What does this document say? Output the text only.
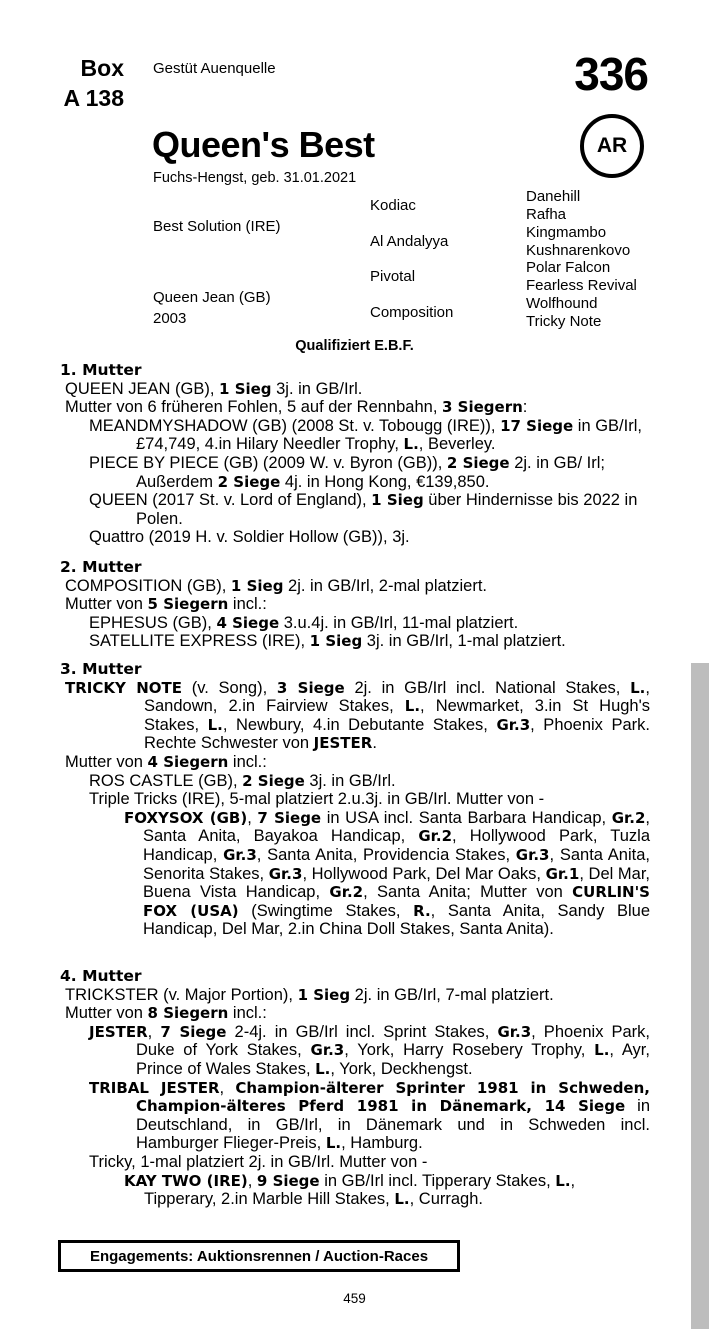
Box
A 138
Gestüt Auenquelle	336
Queen's Best
Fuchs-Hengst, geb. 31.01.2021
AR
Best Solution (IRE)
Queen Jean (GB)
2003
Kodiac
Al Andalyya
Pivotal
Composition
Danehill
Rafha
Kingmambo
Kushnarenkovo
Polar Falcon
Fearless Revival
Wolfhound
Tricky Note
Qualifiziert E.B.F.
1. Mutter

QUEEN JEAN (GB), 1 Sieg 3j. in GB/Irl.

Mutter von 6 früheren Fohlen, 5 auf der Rennbahn, 3 Siegern:

MEANDMYSHADOW (GB) (2008 St. v. Tobougg (IRE)), 17 Siege in GB/Irl, £74,749, 4.in Hilary Needler Trophy, L., Beverley.

PIECE BY PIECE (GB) (2009 W. v. Byron (GB)), 2 Siege 2j. in GB/ Irl; Außerdem 2 Siege 4j. in Hong Kong, €139,850.

QUEEN (2017 St. v. Lord of England), 1 Sieg über Hindernisse bis 2022 in Polen.

Quattro (2019 H. v. Soldier Hollow (GB)), 3j.

2. Mutter

COMPOSITION (GB), 1 Sieg 2j. in GB/Irl, 2-mal platziert.

Mutter von 5 Siegern incl.:

EPHESUS (GB), 4 Siege 3.u.4j. in GB/Irl, 11-mal platziert.

SATELLITE EXPRESS (IRE), 1 Sieg 3j. in GB/Irl, 1-mal platziert.

3. Mutter

TRICKY NOTE (v. Song), 3 Siege 2j. in GB/Irl incl. National Stakes, L., Sandown, 2.in Fairview Stakes, L., Newmarket, 3.in St Hugh's Stakes, L., Newbury, 4.in Debutante Stakes, Gr.3, Phoenix Park. Rechte Schwester von JESTER.

Mutter von 4 Siegern incl.:

ROS CASTLE (GB), 2 Siege 3j. in GB/Irl.

Triple Tricks (IRE), 5-mal platziert 2.u.3j. in GB/Irl. Mutter von -

FOXYSOX (GB), 7 Siege in USA incl. Santa Barbara Handicap, Gr.2, Santa Anita, Bayakoa Handicap, Gr.2, Hollywood Park, Tuzla Handicap, Gr.3, Santa Anita, Providencia Stakes, Gr.3, Santa Anita, Senorita Stakes, Gr.3, Hollywood Park, Del Mar Oaks, Gr.1, Del Mar, Buena Vista Handicap, Gr.2, Santa Anita; Mutter von CURLIN'S FOX (USA) (Swingtime Stakes, R., Santa Anita, Sandy Blue Handicap, Del Mar, 2.in China Doll Stakes, Santa Anita).

4. Mutter

TRICKSTER (v. Major Portion), 1 Sieg 2j. in GB/Irl, 7-mal platziert.

Mutter von 8 Siegern incl.:

JESTER, 7 Siege 2-4j. in GB/Irl incl. Sprint Stakes, Gr.3, Phoenix Park, Duke of York Stakes, Gr.3, York, Harry Rosebery Trophy, L., Ayr, Prince of Wales Stakes, L., York, Deckhengst.

TRIBAL JESTER, Champion-älterer Sprinter 1981 in Schweden, Champion-älteres Pferd 1981 in Dänemark, 14 Siege in Deutschland, in GB/Irl, in Dänemark und in Schweden incl. Hamburger Flieger-Preis, L., Hamburg.

Tricky, 1-mal platziert 2j. in GB/Irl. Mutter von -

KAY TWO (IRE), 9 Siege in GB/Irl incl. Tipperary Stakes, L., Tipperary, 2.in Marble Hill Stakes, L., Curragh.

Engagements: Auktionsrennen / Auction-Races
459
